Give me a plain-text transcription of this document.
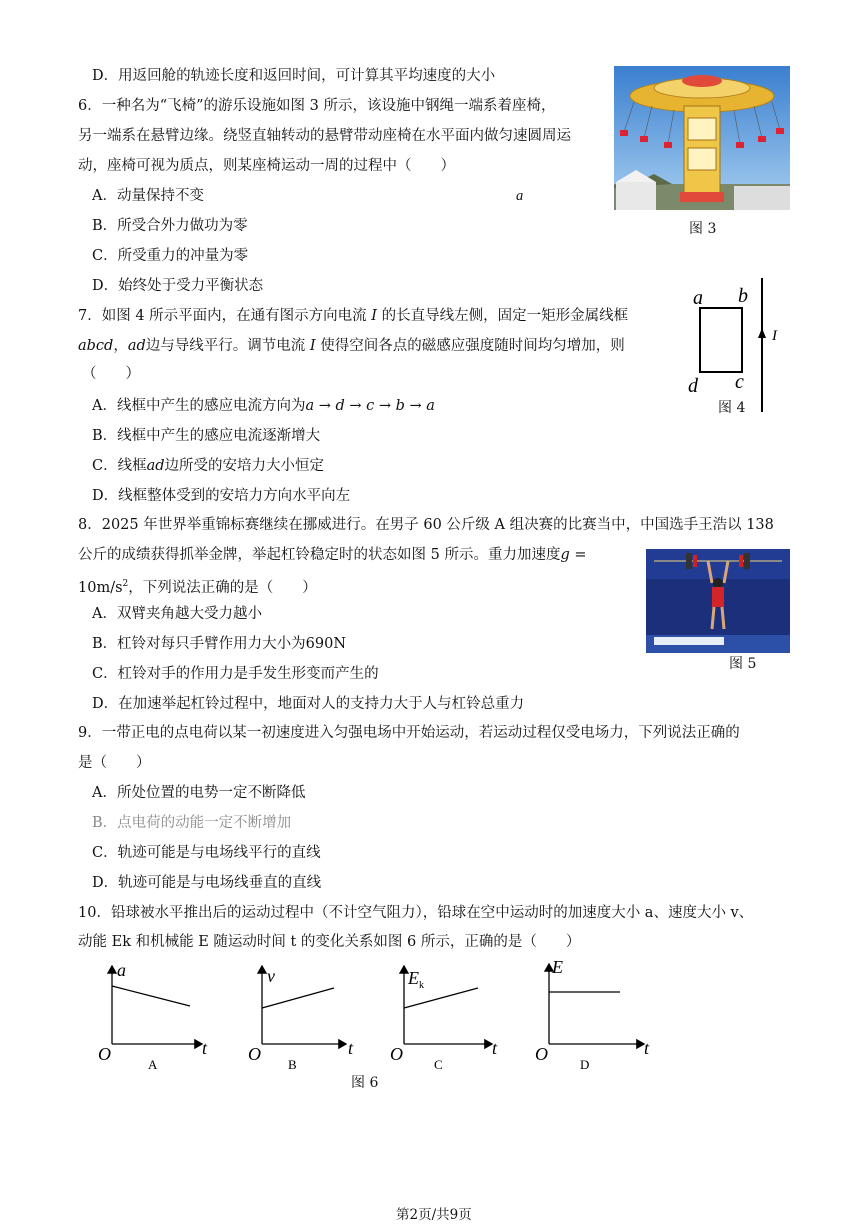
D．用返回舱的轨迹长度和返回时间，可计算其平均速度的大小
6．一种名为“飞椅”的游乐设施如图 3 所示，该设施中钢绳一端系着座椅，
另一端系在悬臂边缘。绕竖直轴转动的悬臂带动座椅在水平面内做匀速圆周运
动，座椅可视为质点，则某座椅运动一周的过程中（　　）
A．动量保持不变	a
B．所受合外力做功为零
C．所受重力的冲量为零
D．始终处于受力平衡状态
图 3
7．如图 4 所示平面内，在通有图示方向电流 𝐼 的长直导线左侧，固定一矩形金属线框
𝑎𝑏𝑐𝑑，𝑎𝑑边与导线平行。调节电流 𝐼 使得空间各点的磁感应强度随时间均匀增加，则
（　　）
A．线框中产生的感应电流方向为𝑎 → 𝑑 → 𝑐 → 𝑏 → 𝑎
B．线框中产生的感应电流逐渐增大
C．线框𝑎𝑑边所受的安培力大小恒定
D．线框整体受到的安培力方向水平向左
a b
c
d
I
图 4
8．2025 年世界举重锦标赛继续在挪威进行。在男子 60 公斤级 A 组决赛的比赛当中，中国选手王浩以 138
公斤的成绩获得抓举金牌，举起杠铃稳定时的状态如图 5 所示。重力加速度𝑔 =
$10m/s^2$，下列说法正确的是（　　）
A．双臂夹角越大受力越小
B．杠铃对每只手臂作用力大小为690N
C．杠铃对手的作用力是手发生形变而产生的
D．在加速举起杠铃过程中，地面对人的支持力大于人与杠铃总重力
图 5
9．一带正电的点电荷以某一初速度进入匀强电场中开始运动，若运动过程仅受电场力，下列说法正确的
是（　　）
A．所处位置的电势一定不断降低
B．点电荷的动能一定不断增加
C．轨迹可能是与电场线平行的直线
D．轨迹可能是与电场线垂直的直线
10．铅球被水平推出后的运动过程中（不计空气阻力），铅球在空中运动时的加速度大小 a、速度大小 v、
动能 Ek 和机械能 E 随运动时间 t 的变化关系如图 6 所示，正确的是（　　）
a
t
O
A
v
t
O
B
$E_k$
t
O
C
E
t
O
D
图 6
第2页/共9页
